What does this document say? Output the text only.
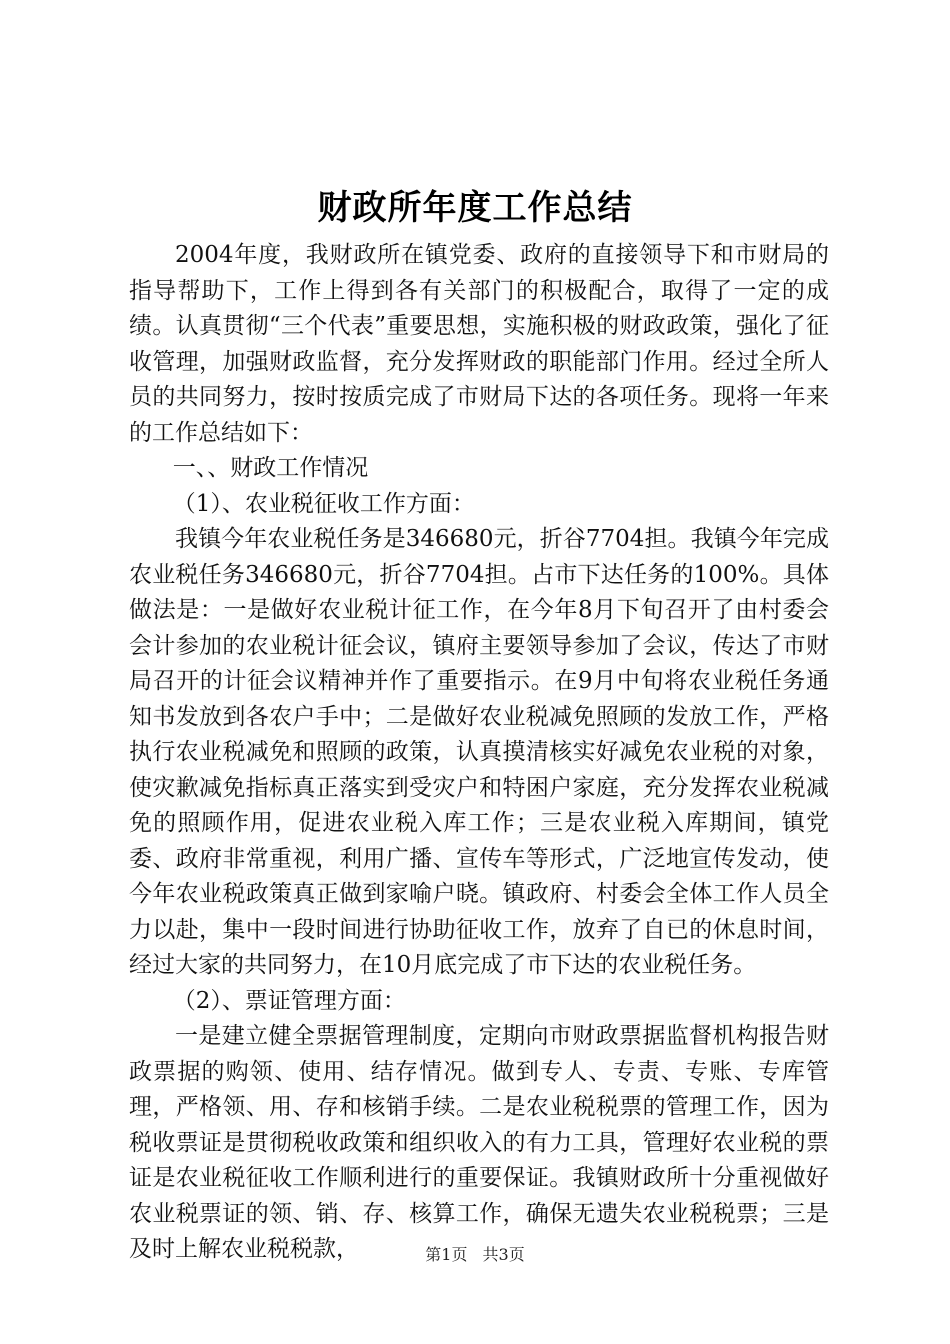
财政所年度工作总结

2004年度，我财政所在镇党委、政府的直接领导下和市财局的指导帮助下，工作上得到各有关部门的积极配合，取得了一定的成绩。认真贯彻“三个代表”重要思想，实施积极的财政政策，强化了征收管理，加强财政监督，充分发挥财政的职能部门作用。经过全所人员的共同努力，按时按质完成了市财局下达的各项任务。现将一年来的工作总结如下：

一、、财政工作情况

（1）、农业税征收工作方面：

我镇今年农业税任务是346680元，折谷7704担。我镇今年完成农业税任务346680元，折谷7704担。占市下达任务的100%。具体做法是：一是做好农业税计征工作，在今年8月下旬召开了由村委会会计参加的农业税计征会议，镇府主要领导参加了会议，传达了市财局召开的计征会议精神并作了重要指示。在9月中旬将农业税任务通知书发放到各农户手中；二是做好农业税减免照顾的发放工作，严格执行农业税减免和照顾的政策，认真摸清核实好减免农业税的对象，使灾歉减免指标真正落实到受灾户和特困户家庭，充分发挥农业税减免的照顾作用，促进农业税入库工作；三是农业税入库期间，镇党委、政府非常重视，利用广播、宣传车等形式，广泛地宣传发动，使今年农业税政策真正做到家喻户晓。镇政府、村委会全体工作人员全力以赴，集中一段时间进行协助征收工作，放弃了自已的休息时间，经过大家的共同努力，在10月底完成了市下达的农业税任务。

（2）、票证管理方面：

一是建立健全票据管理制度，定期向市财政票据监督机构报告财政票据的购领、使用、结存情况。做到专人、专责、专账、专库管理，严格领、用、存和核销手续。二是农业税税票的管理工作，因为税收票证是贯彻税收政策和组织收入的有力工具，管理好农业税的票证是农业税征收工作顺利进行的重要保证。我镇财政所十分重视做好农业税票证的领、销、存、核算工作，确保无遗失农业税税票；三是及时上解农业税税款，	第1页 共3页
